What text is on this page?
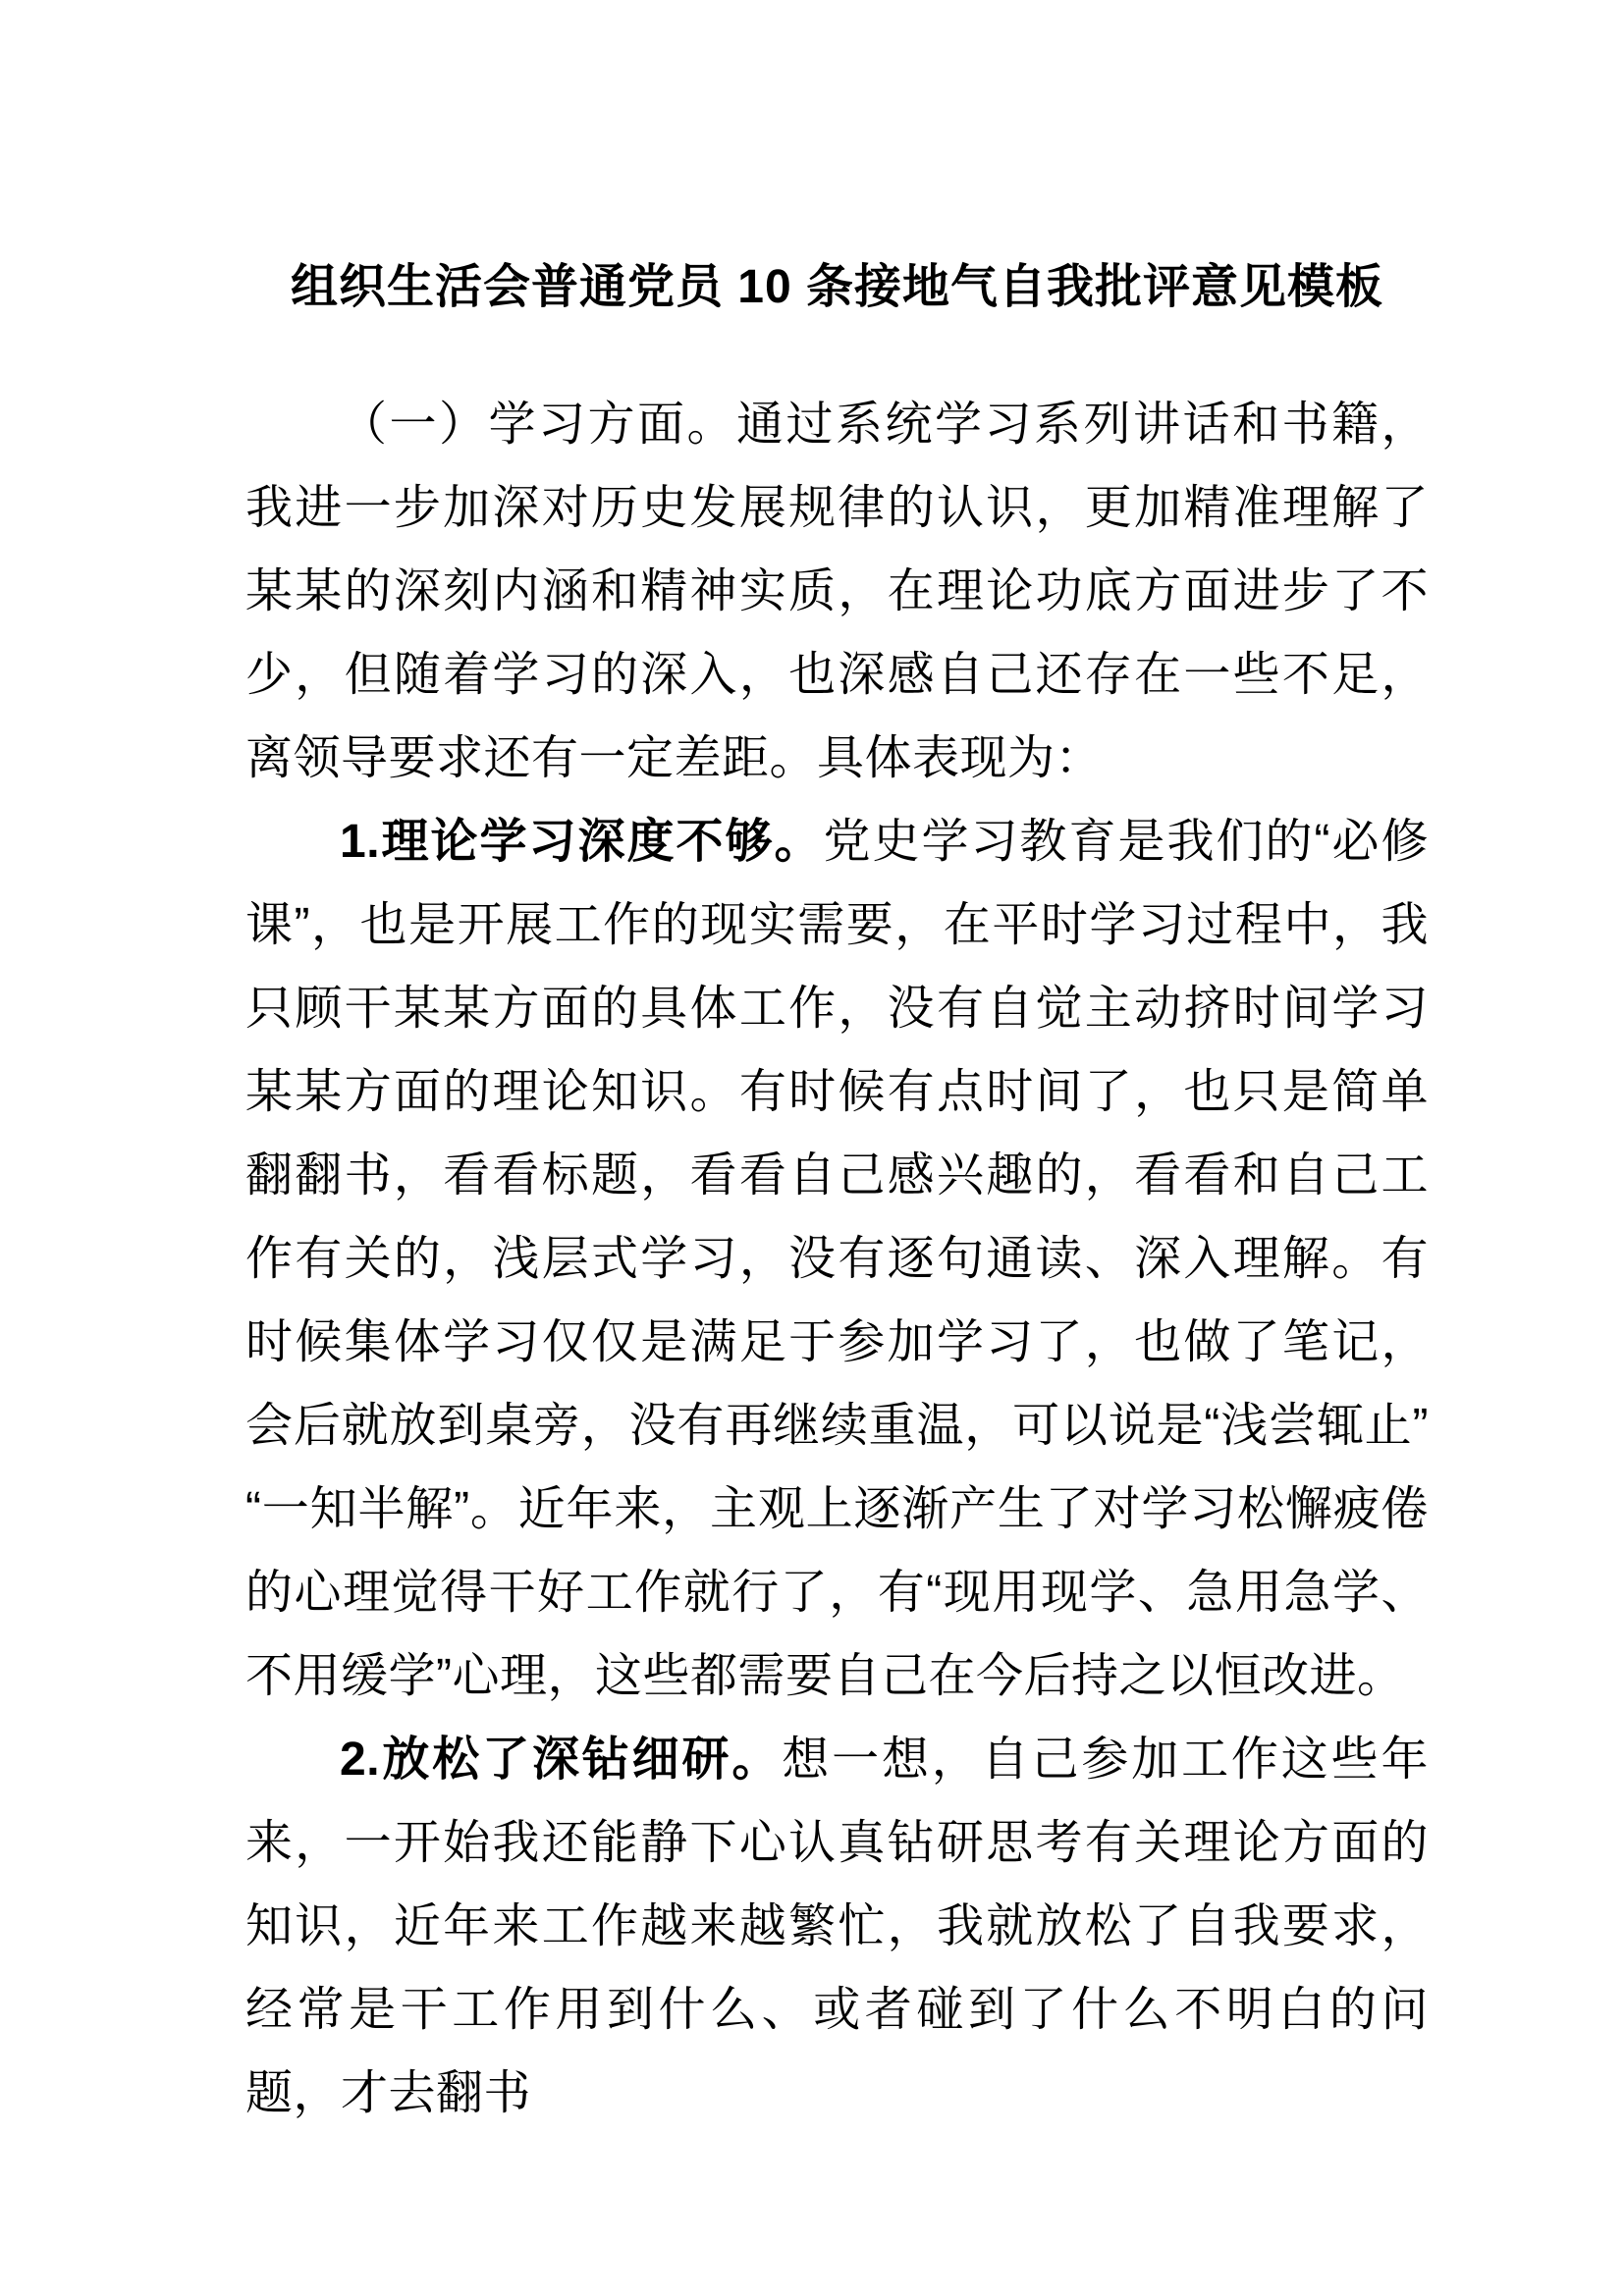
组织生活会普通党员 10 条接地气自我批评意见模板

（一）学习方面。通过系统学习系列讲话和书籍，我进一步加深对历史发展规律的认识，更加精准理解了某某的深刻内涵和精神实质，在理论功底方面进步了不少，但随着学习的深入，也深感自己还存在一些不足，离领导要求还有一定差距。具体表现为：

1.理论学习深度不够。党史学习教育是我们的“必修课”，也是开展工作的现实需要，在平时学习过程中，我只顾干某某方面的具体工作，没有自觉主动挤时间学习某某方面的理论知识。有时候有点时间了，也只是简单翻翻书，看看标题，看看自己感兴趣的，看看和自己工作有关的，浅层式学习，没有逐句通读、深入理解。有时候集体学习仅仅是满足于参加学习了，也做了笔记，会后就放到桌旁，没有再继续重温，可以说是“浅尝辄止” “一知半解”。近年来，主观上逐渐产生了对学习松懈疲倦的心理觉得干好工作就行了，有“现用现学、急用急学、不用缓学”心理，这些都需要自己在今后持之以恒改进。

2.放松了深钻细研。想一想，自己参加工作这些年来，一开始我还能静下心认真钻研思考有关理论方面的知识，近年来工作越来越繁忙，我就放松了自我要求，经常是干工作用到什么、或者碰到了什么不明白的问题，才去翻书
